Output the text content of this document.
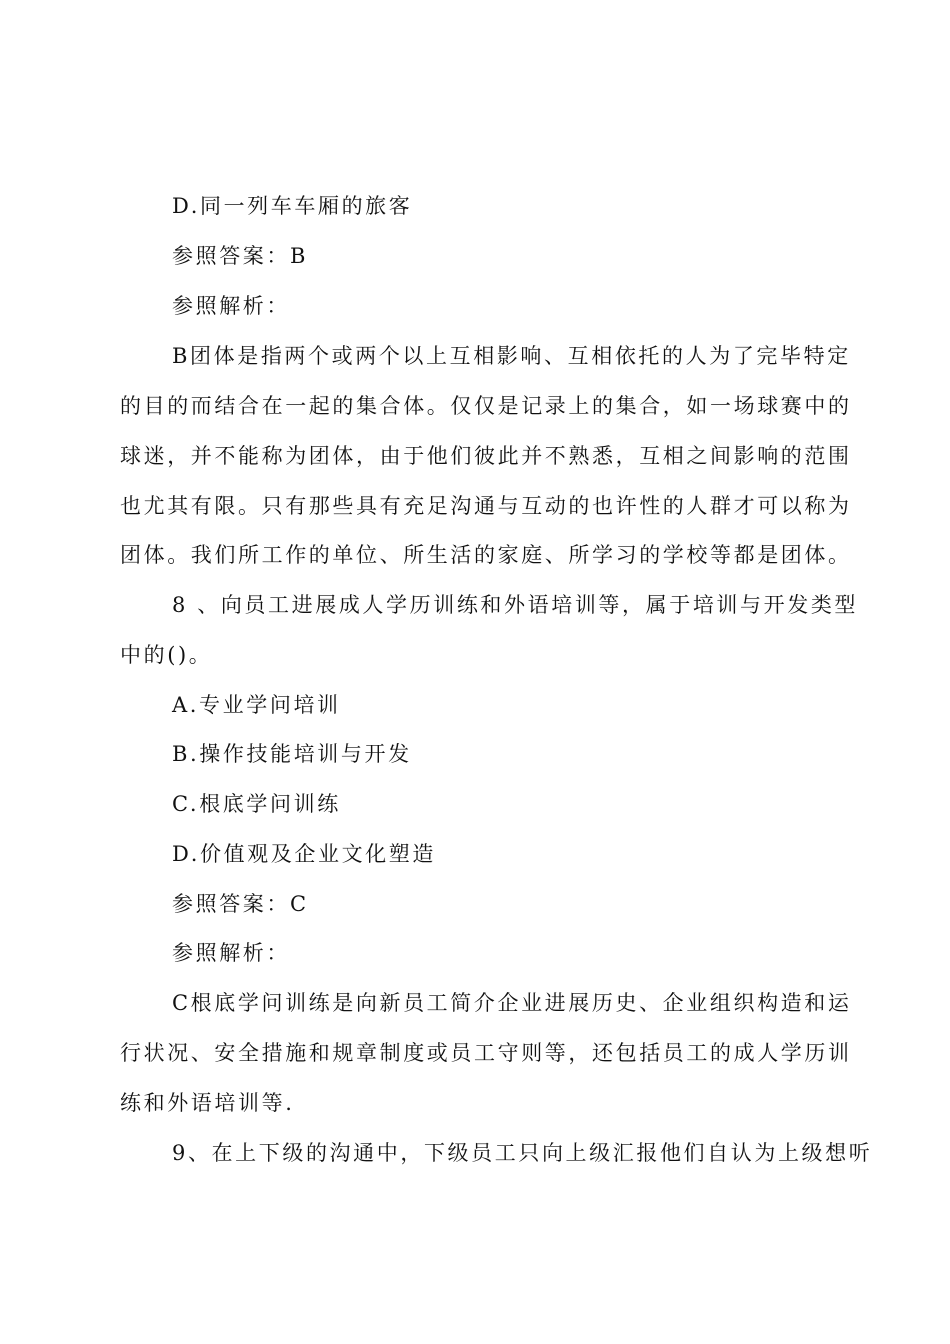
D.同一列车车厢的旅客
参照答案：B
参照解析：
B团体是指两个或两个以上互相影响、互相依托的人为了完毕特定
的目的而结合在一起的集合体。仅仅是记录上的集合，如一场球赛中的
球迷，并不能称为团体，由于他们彼此并不熟悉，互相之间影响的范围
也尤其有限。只有那些具有充足沟通与互动的也许性的人群才可以称为
团体。我们所工作的单位、所生活的家庭、所学习的学校等都是团体。
8 、向员工进展成人学历训练和外语培训等，属于培训与开发类型
中的()。
A.专业学问培训
B.操作技能培训与开发
C.根底学问训练
D.价值观及企业文化塑造
参照答案：C
参照解析：
C根底学问训练是向新员工简介企业进展历史、企业组织构造和运
行状况、安全措施和规章制度或员工守则等，还包括员工的成人学历训
练和外语培训等.
9、在上下级的沟通中，下级员工只向上级汇报他们自认为上级想听
